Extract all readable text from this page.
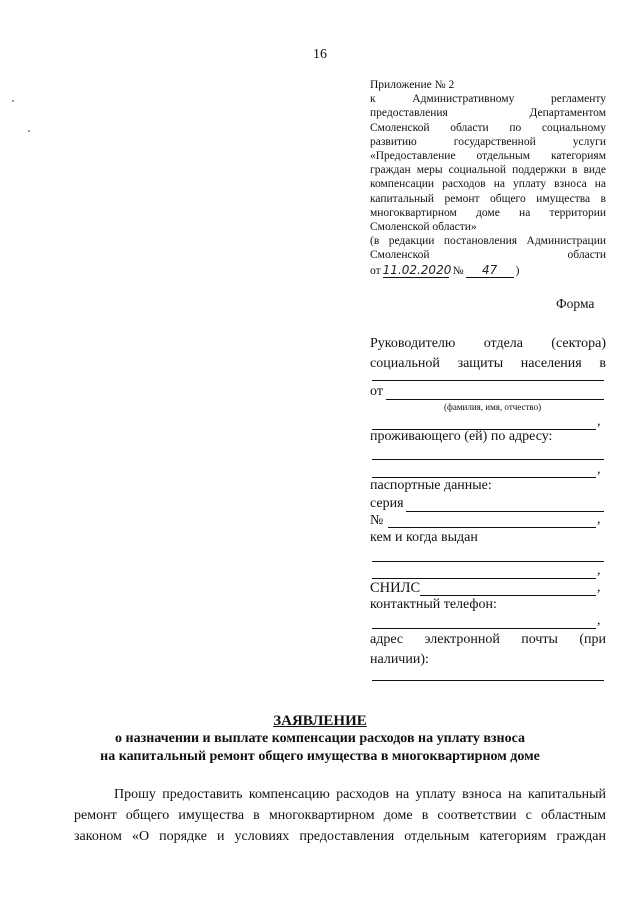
16
Приложение № 2
к Административному регламенту
предоставления Департаментом
Смоленской области по социальному
развитию государственной услуги
«Предоставление отдельным категориям
граждан меры социальной поддержки в виде
компенсации расходов на уплату взноса на
капитальный ремонт общего имущества в
многоквартирном доме на территории
Смоленской области»
(в редакции постановления Администрации
Смоленской области
от 11.02.2020 №	47	)
Форма
Руководителю отдела (сектора)
социальной защиты населения в
от
(фамилия, имя, отчество)
,
проживающего (ей) по адресу:
,
паспортные данные:
серия
№	,
кем и когда выдан
,
СНИЛС	,
контактный телефон:
,
адрес электронной почты (при
наличии):
ЗАЯВЛЕНИЕ
о назначении и выплате компенсации расходов на уплату взноса
на капитальный ремонт общего имущества в многоквартирном доме
Прошу предоставить компенсацию расходов на уплату взноса на капитальный
ремонт общего имущества в многоквартирном доме в соответствии с областным
законом «О порядке и условиях предоставления отдельным категориям граждан
